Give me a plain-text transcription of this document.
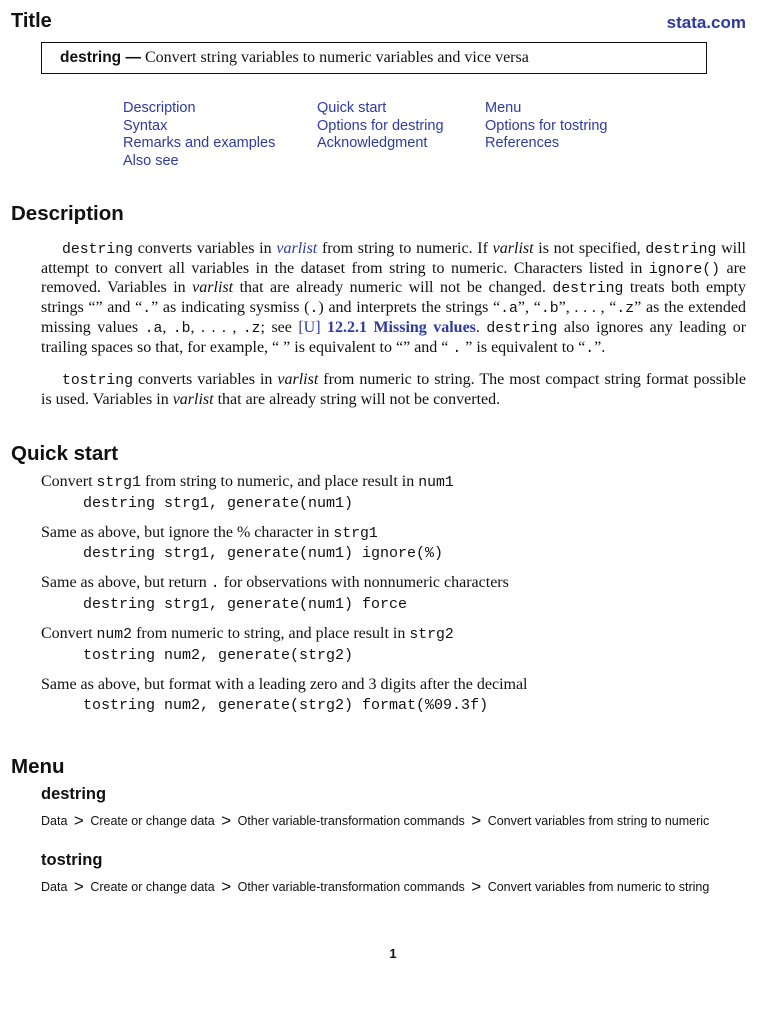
Title	stata.com
destring — Convert string variables to numeric variables and vice versa
Description
Syntax
Remarks and examples
Also see
Quick start
Options for destring
Acknowledgment
Menu
Options for tostring
References
Description
destring converts variables in varlist from string to numeric. If varlist is not specified, destring will attempt to convert all variables in the dataset from string to numeric. Characters listed in ignore() are removed. Variables in varlist that are already numeric will not be changed. destring treats both empty strings “” and “.” as indicating sysmiss (.) and interprets the strings “.a”, “.b”, . . . , “.z” as the extended missing values .a, .b, . . . , .z; see [U] 12.2.1 Missing values. destring also ignores any leading or trailing spaces so that, for example, “ ” is equivalent to “” and “ . ” is equivalent to “.”.
tostring converts variables in varlist from numeric to string. The most compact string format possible is used. Variables in varlist that are already string will not be converted.
Quick start
Convert strg1 from string to numeric, and place result in num1
destring strg1, generate(num1)
Same as above, but ignore the % character in strg1
destring strg1, generate(num1) ignore(%)
Same as above, but return . for observations with nonnumeric characters
destring strg1, generate(num1) force
Convert num2 from numeric to string, and place result in strg2
tostring num2, generate(strg2)
Same as above, but format with a leading zero and 3 digits after the decimal
tostring num2, generate(strg2) format(%09.3f)
Menu
destring
Data > Create or change data > Other variable-transformation commands > Convert variables from string to numeric
tostring
Data > Create or change data > Other variable-transformation commands > Convert variables from numeric to string
1
